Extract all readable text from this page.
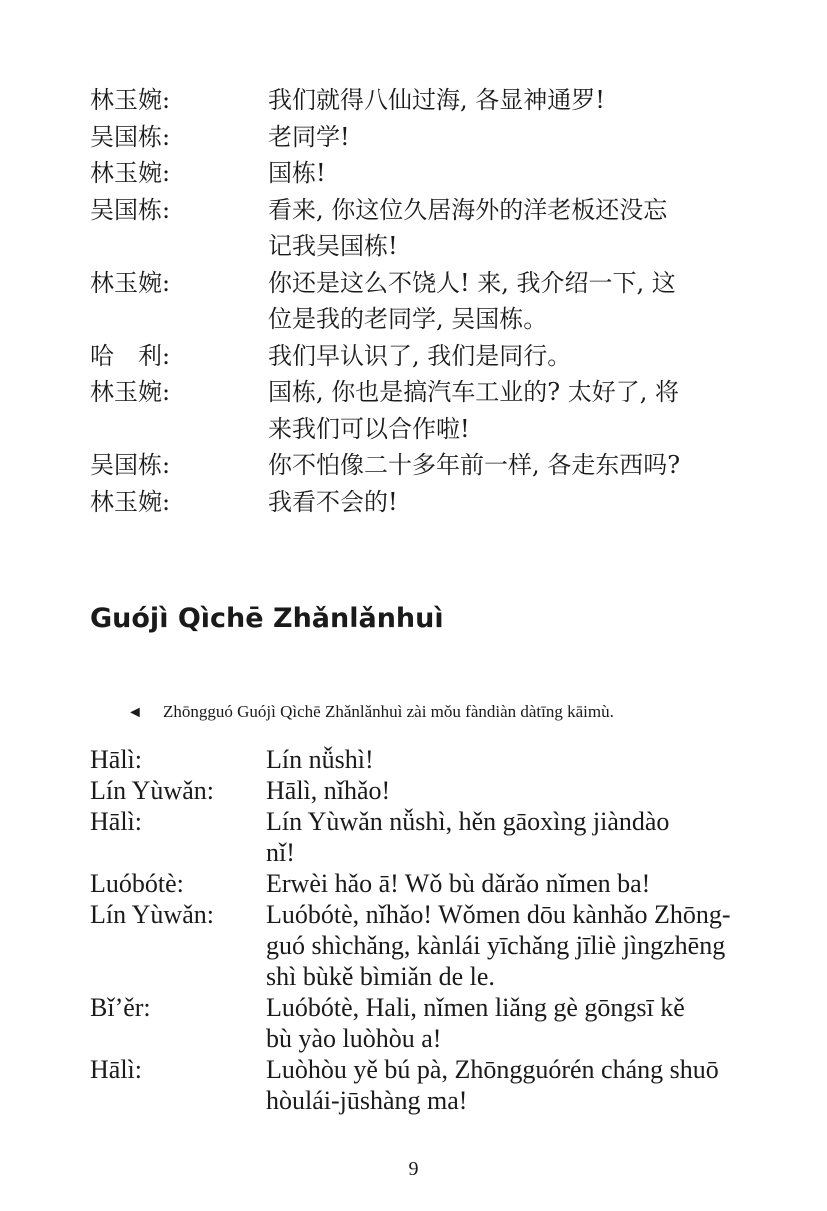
林玉婉:	我们就得八仙过海, 各显神通罗!
吴国栋:	老同学!
林玉婉:	国栋!
吴国栋:	看来, 你这位久居海外的洋老板还没忘
记我吴国栋!
林玉婉:	你还是这么不饶人! 来, 我介绍一下, 这
位是我的老同学, 吴国栋。
哈　利:	我们早认识了, 我们是同行。
林玉婉:	国栋, 你也是搞汽车工业的? 太好了, 将
来我们可以合作啦!
吴国栋:	你不怕像二十多年前一样, 各走东西吗?
林玉婉:	我看不会的!
Guójì Qìchē Zhǎnlǎnhuì
◄ Zhōngguó Guójì Qìchē Zhǎnlǎnhuì zài mǒu fàndiàn dàtīng kāimù.
Hālì:	Lín nǚshì!
Lín Yùwǎn:	Hālì, nǐhǎo!
Hālì:	Lín Yùwǎn nǚshì, hěn gāoxìng jiàndào
nǐ!
Luóbótè:	Erwèi hǎo ā! Wǒ bù dǎrǎo nǐmen ba!
Lín Yùwǎn:	Luóbótè, nǐhǎo! Wǒmen dōu kànhǎo Zhōng-
guó shìchǎng, kànlái yīchǎng jīliè jìngzhēng
shì bùkě bìmiǎn de le.
Bǐ’ěr:	Luóbótè, Hali, nǐmen liǎng gè gōngsī kě
bù yào luòhòu a!
Hālì:	Luòhòu yě bú pà, Zhōngguórén cháng shuō
hòulái-jūshàng ma!
9
